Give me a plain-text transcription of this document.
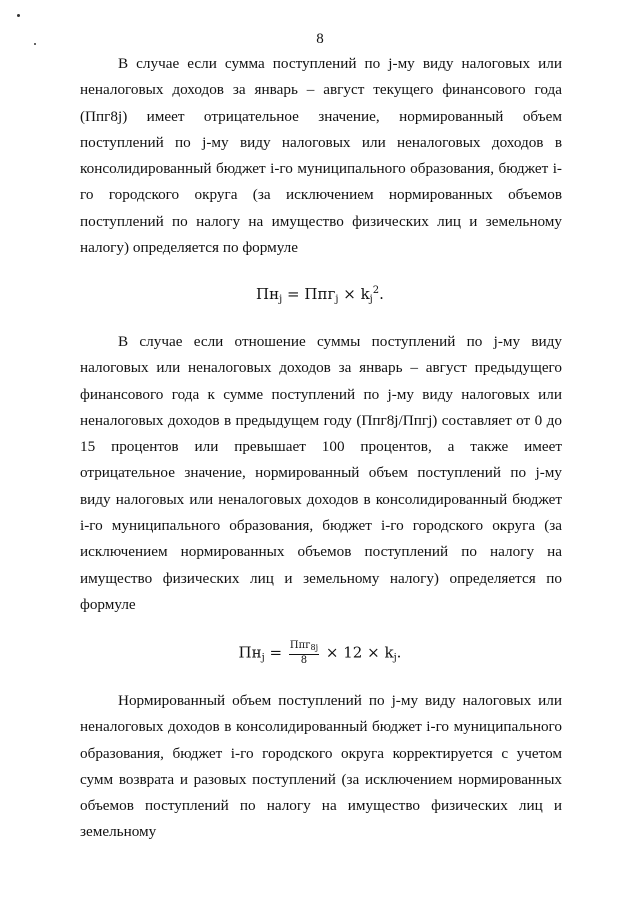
8

В случае если сумма поступлений по j-му виду налоговых или неналоговых доходов за январь – август текущего финансового года (Ппг8j) имеет отрицательное значение, нормированный объем поступлений по j-му виду налоговых или неналоговых доходов в консолидированный бюджет i-го муниципального образования, бюджет i-го городского округа (за исключением нормированных объемов поступлений по налогу на имущество физических лиц и земельному налогу) определяется по формуле

$Пн_j = Ппг_j \times k_j^2$.

В случае если отношение суммы поступлений по j-му виду налоговых или неналоговых доходов за январь – август предыдущего финансового года к сумме поступлений по j-му виду налоговых или неналоговых доходов в предыдущем году (Ппг8j/Ппгj) составляет от 0 до 15 процентов или превышает 100 процентов, а также имеет отрицательное значение, нормированный объем поступлений по j-му виду налоговых или неналоговых доходов в консолидированный бюджет i-го муниципального образования, бюджет i-го городского округа (за исключением нормированных объемов поступлений по налогу на имущество физических лиц и земельному налогу) определяется по формуле

$Пн_j = \frac{Ппг_{8j}}{8} \times 12 \times k_j$.

Нормированный объем поступлений по j-му виду налоговых или неналоговых доходов в консолидированный бюджет i-го муниципального образования, бюджет i-го городского округа корректируется с учетом сумм возврата и разовых поступлений (за исключением нормированных объемов поступлений по налогу на имущество физических лиц и земельному
